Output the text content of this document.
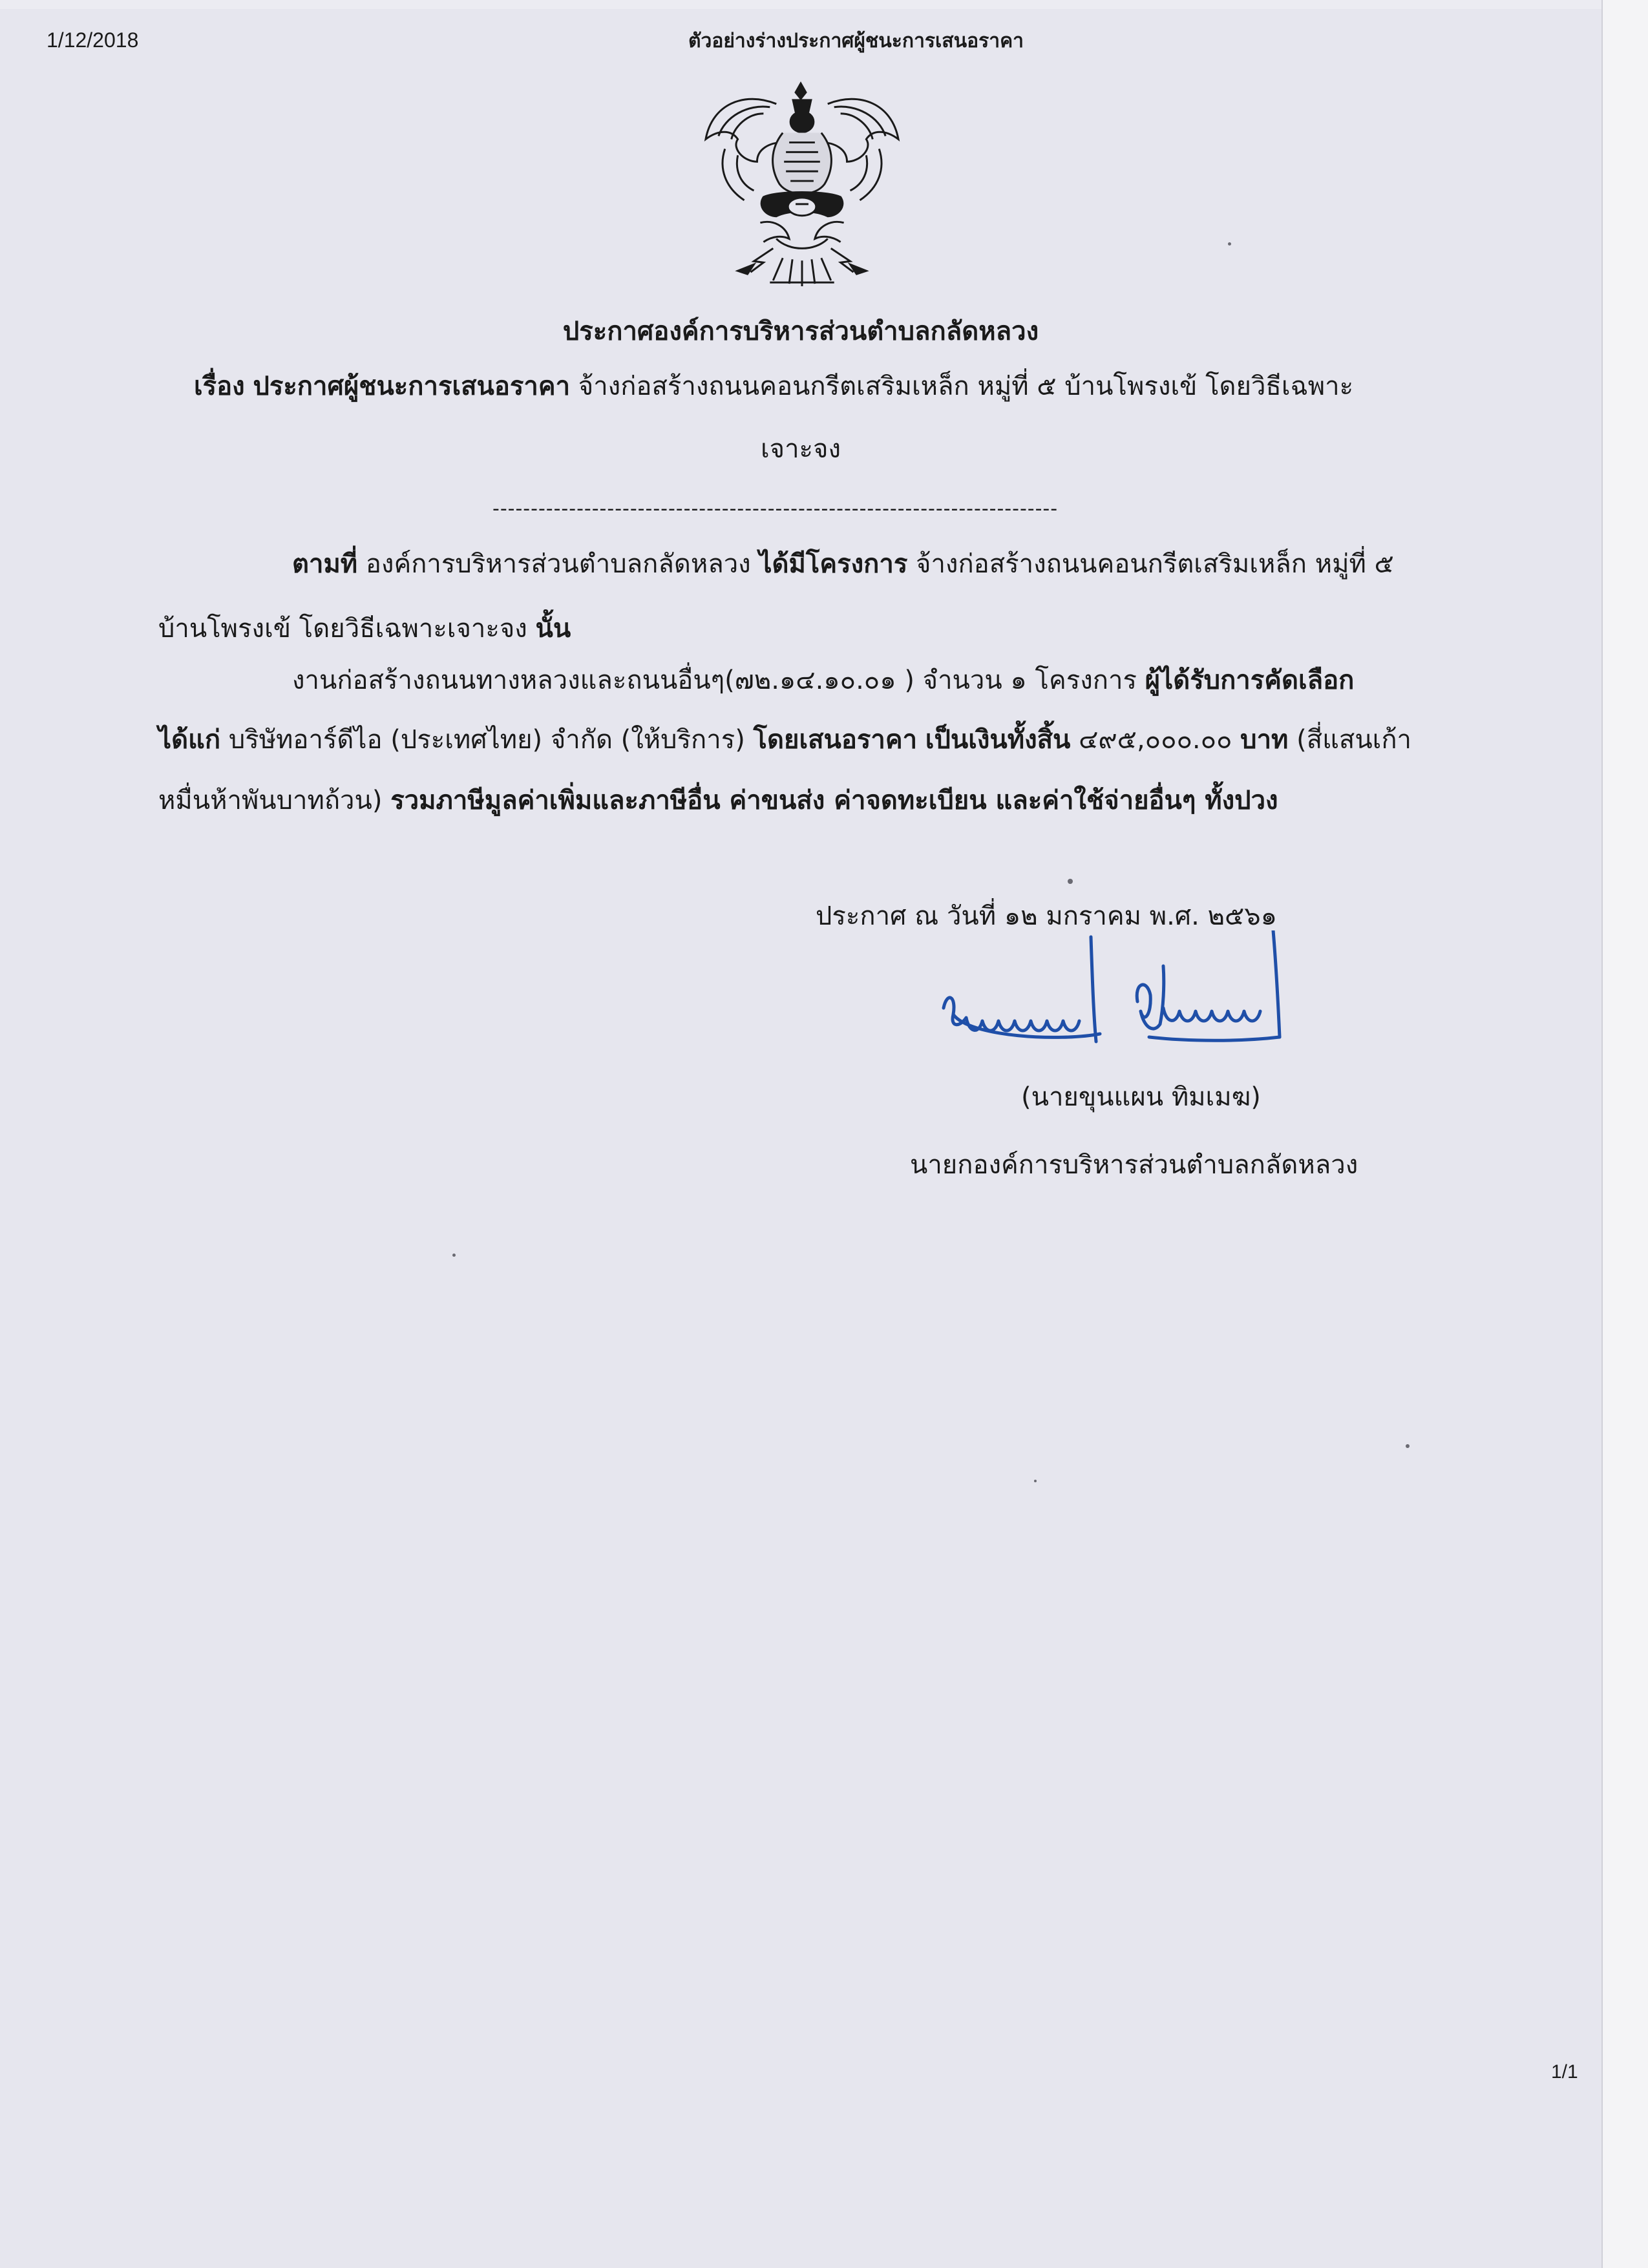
1/12/2018	ตัวอย่างร่างประกาศผู้ชนะการเสนอราคา
ประกาศองค์การบริหารส่วนตำบลกลัดหลวง
เรื่อง ประกาศผู้ชนะการเสนอราคา จ้างก่อสร้างถนนคอนกรีตเสริมเหล็ก หมู่ที่ ๕ บ้านโพรงเข้ โดยวิธีเฉพาะ
เจาะจง
--------------------------------------------------------------------------
ตามที่ องค์การบริหารส่วนตำบลกลัดหลวง ได้มีโครงการ จ้างก่อสร้างถนนคอนกรีตเสริมเหล็ก หมู่ที่ ๕
บ้านโพรงเข้ โดยวิธีเฉพาะเจาะจง นั้น
งานก่อสร้างถนนทางหลวงและถนนอื่นๆ(๗๒.๑๔.๑๐.๐๑ ) จำนวน ๑ โครงการ ผู้ได้รับการคัดเลือก
ได้แก่ บริษัทอาร์ดีไอ (ประเทศไทย) จำกัด (ให้บริการ) โดยเสนอราคา เป็นเงินทั้งสิ้น ๔๙๕,๐๐๐.๐๐ บาท (สี่แสนเก้า
หมื่นห้าพันบาทถ้วน) รวมภาษีมูลค่าเพิ่มและภาษีอื่น ค่าขนส่ง ค่าจดทะเบียน และค่าใช้จ่ายอื่นๆ ทั้งปวง
ประกาศ ณ วันที่ ๑๒ มกราคม พ.ศ. ๒๕๖๑
(นายขุนแผน ทิมเมฆ)
นายกองค์การบริหารส่วนตำบลกลัดหลวง
1/1
